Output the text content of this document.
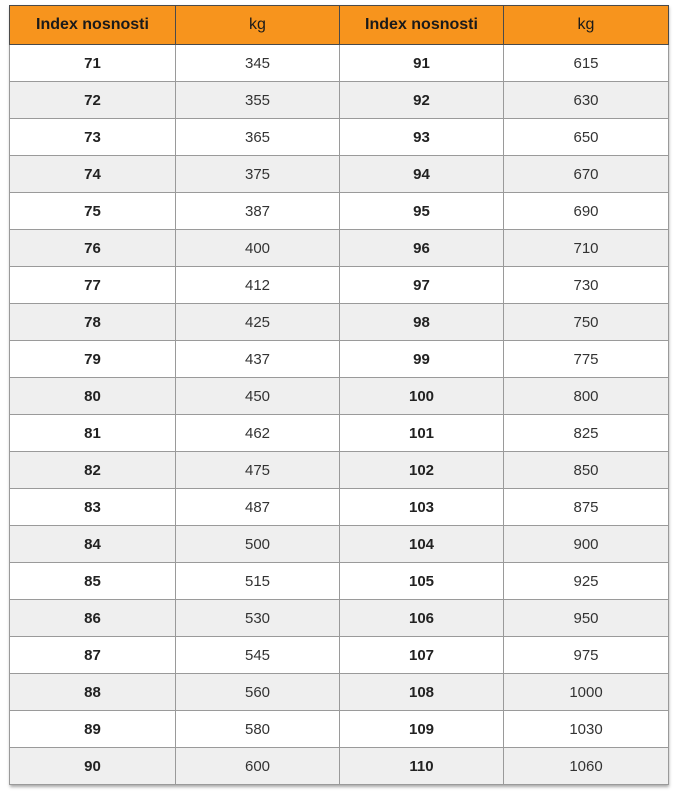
Index nosnosti	kg	Index nosnosti	kg
71	345	91	615
72	355	92	630
73	365	93	650
74	375	94	670
75	387	95	690
76	400	96	710
77	412	97	730
78	425	98	750
79	437	99	775
80	450	100	800
81	462	101	825
82	475	102	850
83	487	103	875
84	500	104	900
85	515	105	925
86	530	106	950
87	545	107	975
88	560	108	1000
89	580	109	1030
90	600	110	1060
